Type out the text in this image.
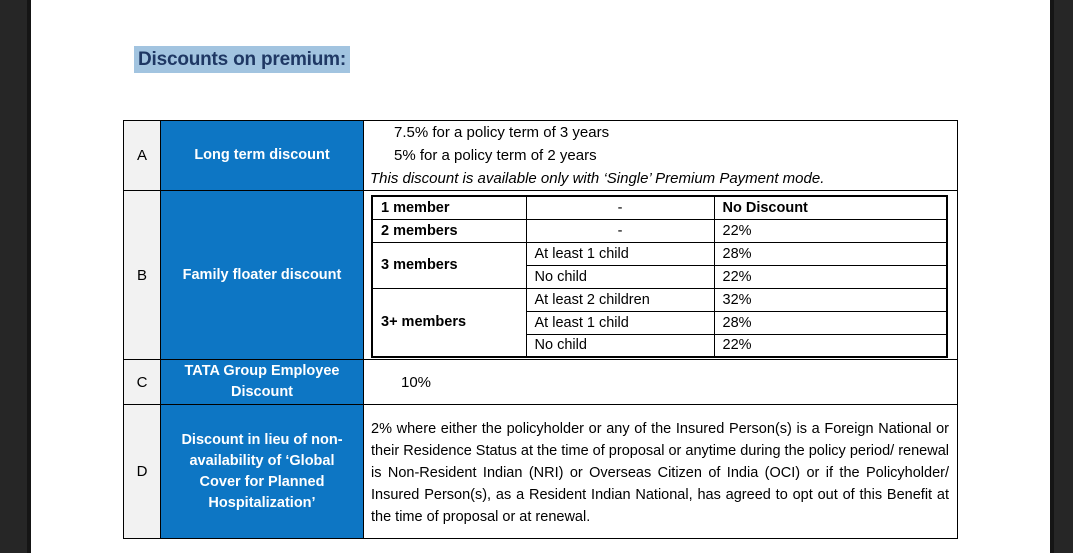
Discounts on premium:
A	Long term discount	
7.5% for a policy term of 3 years
5% for a policy term of 2 years
This discount is available only with ‘Single’ Premium Payment mode.

B	Family floater discount	
1 member	-	No Discount
2 members	-	22%
3 members	At least 1 child	28%
No child	22%
3+ members	At least 2 children	32%
At least 1 child	28%
No child	22%

C	TATA Group Employee Discount	
10%

D	Discount in lieu of non-availability of ‘Global Cover for Planned Hospitalization’	
2% where either the policyholder or any of the Insured Person(s) is a Foreign National or their Residence Status at the time of proposal or anytime during the policy period/ renewal is Non-Resident Indian (NRI) or Overseas Citizen of India (OCI) or if the Policyholder/ Insured Person(s), as a Resident Indian National, has agreed to opt out of this Benefit at the time of proposal or at renewal.
